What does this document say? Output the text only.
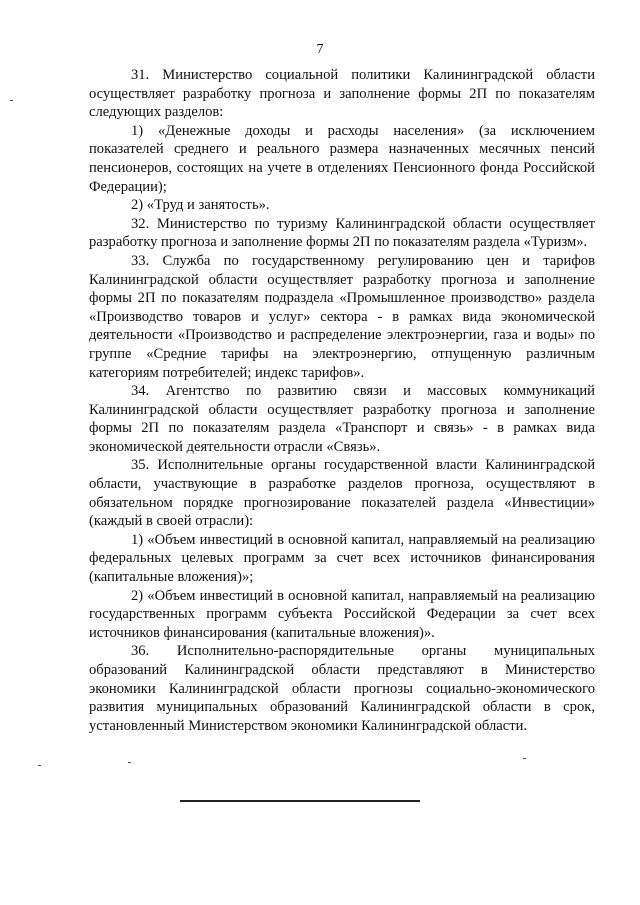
7

31. Министерство социальной политики Калининградской области осуществляет разработку прогноза и заполнение формы 2П по показателям следующих разделов:

1) «Денежные доходы и расходы населения» (за исключением показателей среднего и реального размера назначенных месячных пенсий пенсионеров, состоящих на учете в отделениях Пенсионного фонда Российской Федерации);

2) «Труд и занятость».

32. Министерство по туризму Калининградской области осуществляет разработку прогноза и заполнение формы 2П по показателям раздела «Туризм».

33. Служба по государственному регулированию цен и тарифов Калининградской области осуществляет разработку прогноза и заполнение формы 2П по показателям подраздела «Промышленное производство» раздела «Производство товаров и услуг» сектора - в рамках вида экономической деятельности «Производство и распределение электроэнергии, газа и воды» по группе «Средние тарифы на электроэнергию, отпущенную различным категориям потребителей; индекс тарифов».

34. Агентство по развитию связи и массовых коммуникаций Калининградской области осуществляет разработку прогноза и заполнение формы 2П по показателям раздела «Транспорт и связь» - в рамках вида экономической деятельности отрасли «Связь».

35. Исполнительные органы государственной власти Калининградской области, участвующие в разработке разделов прогноза, осуществляют в обязательном порядке прогнозирование показателей раздела «Инвестиции» (каждый в своей отрасли):

1) «Объем инвестиций в основной капитал, направляемый на реализацию федеральных целевых программ за счет всех источников финансирования (капитальные вложения)»;

2) «Объем инвестиций в основной капитал, направляемый на реализацию государственных программ субъекта Российской Федерации за счет всех источников финансирования (капитальные вложения)».

36. Исполнительно-распорядительные органы муниципальных образований Калининградской области представляют в Министерство экономики Калининградской области прогнозы социально-экономического развития муниципальных образований Калининградской области в срок, установленный Министерством экономики Калининградской области.
